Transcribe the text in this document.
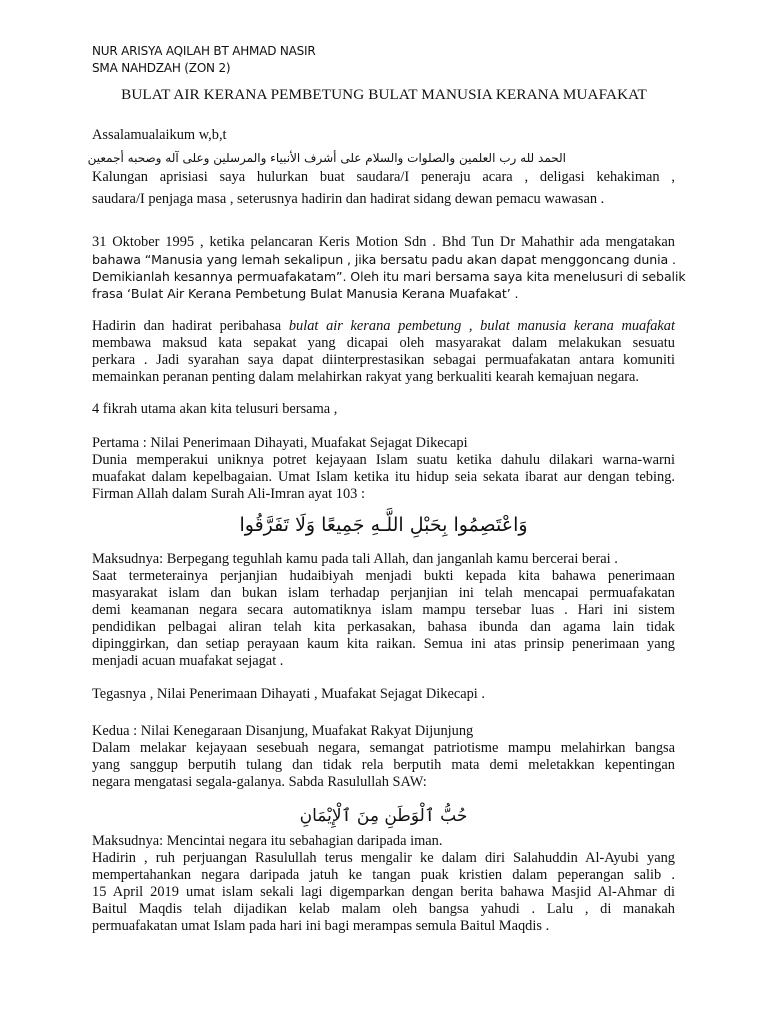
NUR ARISYA AQILAH BT AHMAD NASIR
SMA NAHDZAH (ZON 2)
BULAT AIR KERANA PEMBETUNG BULAT MANUSIA KERANA MUAFAKAT
Assalamualaikum w,b,t
الحمد لله رب العلمين والصلوات والسلام على أشرف الأنبياء والمرسلين وعلى آله وصحبه أجمعين
Kalungan aprisiasi saya hulurkan buat saudara/I peneraju acara , deligasi kehakiman ,
saudara/I penjaga masa , seterusnya hadirin dan hadirat sidang dewan pemacu wawasan .
31 Oktober 1995 , ketika pelancaran Keris Motion Sdn . Bhd Tun Dr Mahathir ada mengatakan
bahawa “Manusia yang lemah sekalipun , jika bersatu padu akan dapat menggoncang dunia .
Demikianlah kesannya permuafakatam”. Oleh itu mari bersama saya kita menelusuri di sebalik
frasa ‘Bulat Air Kerana Pembetung Bulat Manusia Kerana Muafakat’ .
Hadirin dan hadirat peribahasa bulat air kerana pembetung , bulat manusia kerana muafakat
membawa maksud kata sepakat yang dicapai oleh masyarakat dalam melakukan sesuatu
perkara . Jadi syarahan saya dapat diinterprestasikan sebagai permuafakatan antara komuniti
memainkan peranan penting dalam melahirkan rakyat yang berkualiti kearah kemajuan negara.
4 fikrah utama akan kita telusuri bersama ,
Pertama : Nilai Penerimaan Dihayati, Muafakat Sejagat Dikecapi
Dunia memperakui uniknya potret kejayaan Islam suatu ketika dahulu dilakari warna-warni
muafakat dalam kepelbagaian. Umat Islam ketika itu hidup seia sekata ibarat aur dengan tebing.
Firman Allah dalam Surah Ali-Imran ayat 103 :
وَاعْتَصِمُوا بِحَبْلِ اللَّـهِ جَمِيعًا وَلَا تَفَرَّقُوا
Maksudnya: Berpegang teguhlah kamu pada tali Allah, dan janganlah kamu bercerai berai .
Saat termeterainya perjanjian hudaibiyah menjadi bukti kepada kita bahawa penerimaan
masyarakat islam dan bukan islam terhadap perjanjian ini telah mencapai permuafakatan
demi keamanan negara secara automatiknya islam mampu tersebar luas . Hari ini sistem
pendidikan pelbagai aliran telah kita perkasakan, bahasa ibunda dan agama lain tidak
dipinggirkan, dan setiap perayaan kaum kita raikan. Semua ini atas prinsip penerimaan yang
menjadi acuan muafakat sejagat .
Tegasnya , Nilai Penerimaan Dihayati , Muafakat Sejagat Dikecapi .
Kedua : Nilai Kenegaraan Disanjung, Muafakat Rakyat Dijunjung
Dalam melakar kejayaan sesebuah negara, semangat patriotisme mampu melahirkan bangsa
yang sanggup berputih tulang dan tidak rela berputih mata demi meletakkan kepentingan
negara mengatasi segala-galanya. Sabda Rasulullah SAW:
حُبُّ ٱلْوَطَنِ مِنَ ٱلْإِيْمَانِ
Maksudnya: Mencintai negara itu sebahagian daripada iman.
Hadirin , ruh perjuangan Rasulullah terus mengalir ke dalam diri Salahuddin Al-Ayubi yang
mempertahankan negara daripada jatuh ke tangan puak kristien dalam peperangan salib .
15 April 2019 umat islam sekali lagi digemparkan dengan berita bahawa Masjid Al-Ahmar di
Baitul Maqdis telah dijadikan kelab malam oleh bangsa yahudi . Lalu , di manakah
permuafakatan umat Islam pada hari ini bagi merampas semula Baitul Maqdis .
